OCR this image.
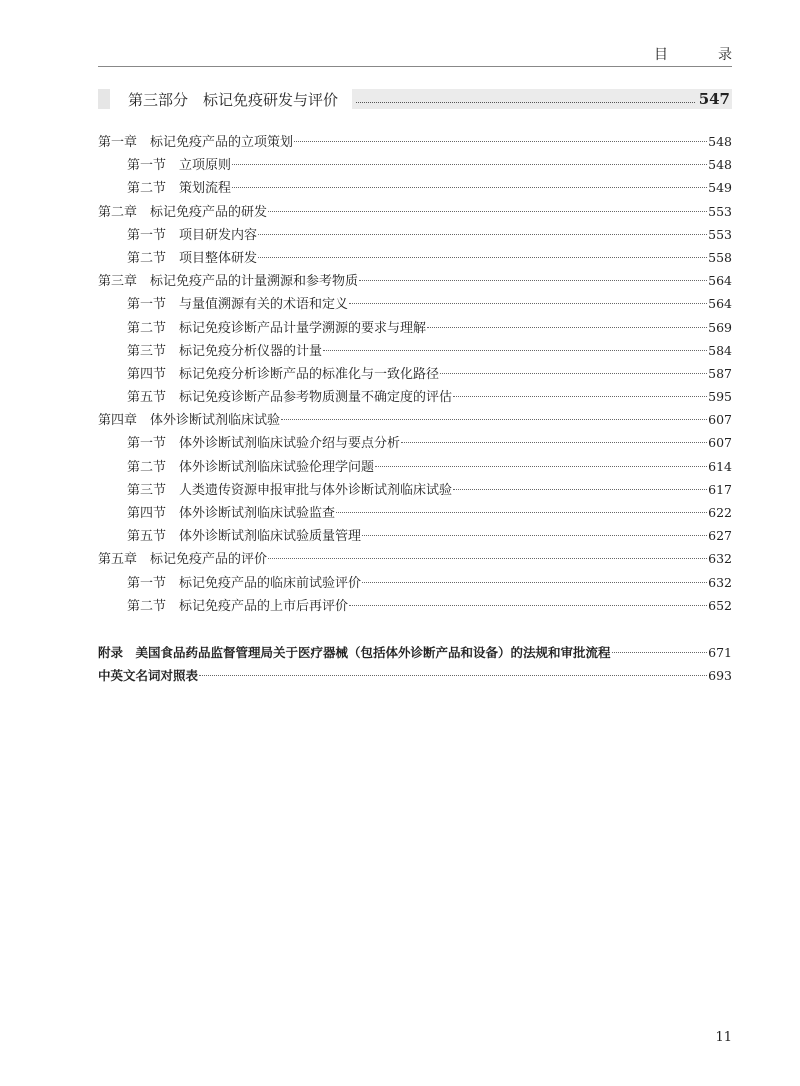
目　录
第三部分　标记免疫研发与评价	547
第一章　标记免疫产品的立项策划	548
第一节　立项原则	548
第二节　策划流程	549
第二章　标记免疫产品的研发	553
第一节　项目研发内容	553
第二节　项目整体研发	558
第三章　标记免疫产品的计量溯源和参考物质	564
第一节　与量值溯源有关的术语和定义	564
第二节　标记免疫诊断产品计量学溯源的要求与理解	569
第三节　标记免疫分析仪器的计量	584
第四节　标记免疫分析诊断产品的标准化与一致化路径	587
第五节　标记免疫诊断产品参考物质测量不确定度的评估	595
第四章　体外诊断试剂临床试验	607
第一节　体外诊断试剂临床试验介绍与要点分析	607
第二节　体外诊断试剂临床试验伦理学问题	614
第三节　人类遗传资源申报审批与体外诊断试剂临床试验	617
第四节　体外诊断试剂临床试验监查	622
第五节　体外诊断试剂临床试验质量管理	627
第五章　标记免疫产品的评价	632
第一节　标记免疫产品的临床前试验评价	632
第二节　标记免疫产品的上市后再评价	652
附录　美国食品药品监督管理局关于医疗器械（包括体外诊断产品和设备）的法规和审批流程	671
中英文名词对照表	693
11
